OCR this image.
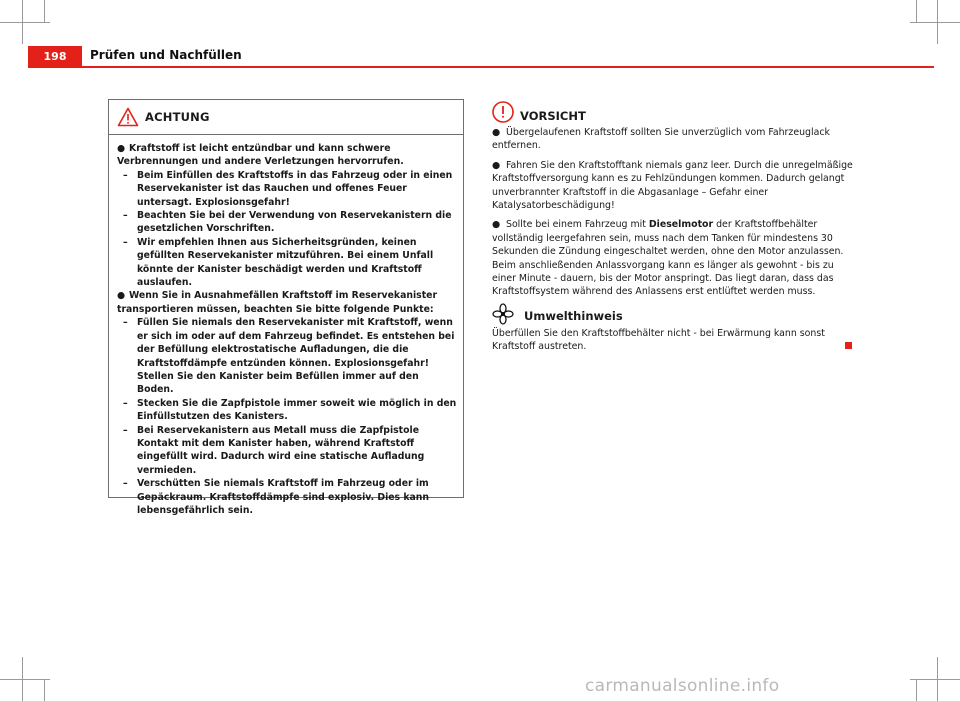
198	Prüfen und Nachfüllen
ACHTUNG

● Kraftstoff ist leicht entzündbar und kann schwere Verbrennungen und andere Verletzungen hervorrufen.

– Beim Einfüllen des Kraftstoffs in das Fahrzeug oder in einen Reservekanister ist das Rauchen und offenes Feuer untersagt. Explosionsgefahr!

– Beachten Sie bei der Verwendung von Reservekanistern die gesetzlichen Vorschriften.

– Wir empfehlen Ihnen aus Sicherheitsgründen, keinen gefüllten Reservekanister mitzuführen. Bei einem Unfall könnte der Kanister beschädigt werden und Kraftstoff auslaufen.

● Wenn Sie in Ausnahmefällen Kraftstoff im Reservekanister transportieren müssen, beachten Sie bitte folgende Punkte:

– Füllen Sie niemals den Reservekanister mit Kraftstoff, wenn er sich im oder auf dem Fahrzeug befindet. Es entstehen bei der Befüllung elektrostatische Aufladungen, die die Kraftstoffdämpfe entzünden können. Explosionsgefahr! Stellen Sie den Kanister beim Befüllen immer auf den Boden.

– Stecken Sie die Zapfpistole immer soweit wie möglich in den Einfüllstutzen des Kanisters.

– Bei Reservekanistern aus Metall muss die Zapfpistole Kontakt mit dem Kanister haben, während Kraftstoff eingefüllt wird. Dadurch wird eine statische Aufladung vermieden.

– Verschütten Sie niemals Kraftstoff im Fahrzeug oder im Gepäckraum. Kraftstoffdämpfe sind explosiv. Dies kann lebensgefährlich sein.

VORSICHT

● Übergelaufenen Kraftstoff sollten Sie unverzüglich vom Fahrzeuglack entfernen.

● Fahren Sie den Kraftstofftank niemals ganz leer. Durch die unregelmäßige Kraftstoffversorgung kann es zu Fehlzündungen kommen. Dadurch gelangt unverbrannter Kraftstoff in die Abgasanlage – Gefahr einer Katalysatorbeschädigung!

● Sollte bei einem Fahrzeug mit Dieselmotor der Kraftstoffbehälter vollständig leergefahren sein, muss nach dem Tanken für mindestens 30 Sekunden die Zündung eingeschaltet werden, ohne den Motor anzulassen. Beim anschließenden Anlassvorgang kann es länger als gewohnt - bis zu einer Minute - dauern, bis der Motor anspringt. Das liegt daran, dass das Kraftstoffsystem während des Anlassens erst entlüftet werden muss.

Umwelthinweis

Überfüllen Sie den Kraftstoffbehälter nicht - bei Erwärmung kann sonst Kraftstoff austreten.

carmanualsonline.info
